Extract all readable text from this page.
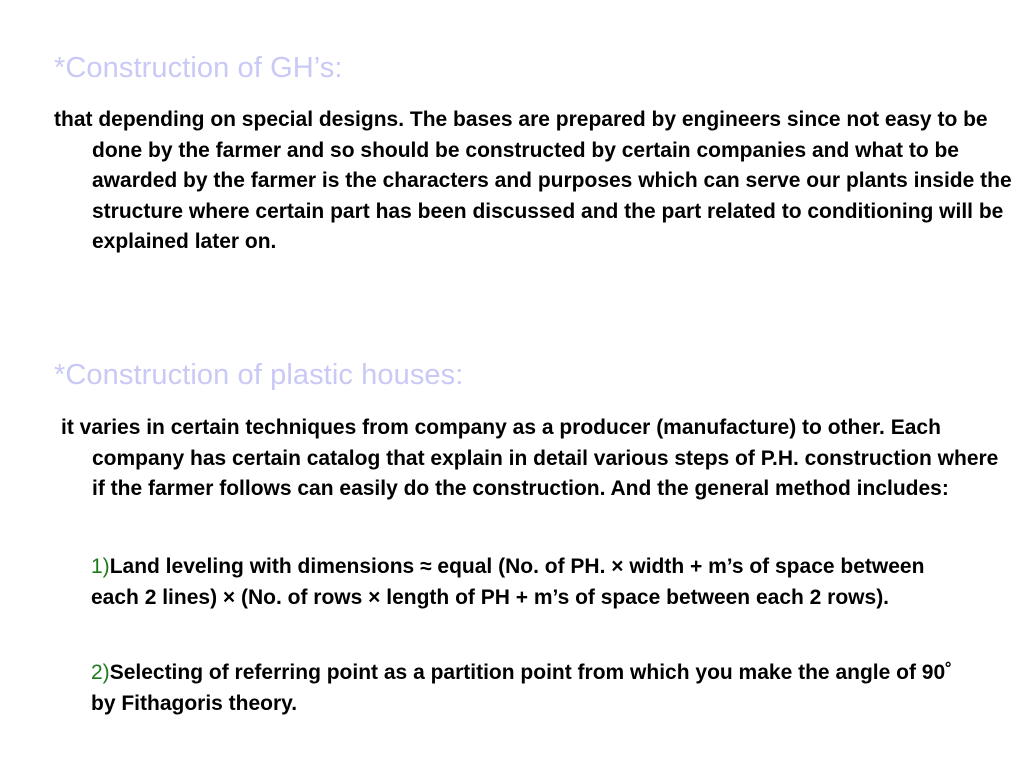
*Construction of GH’s:

that depending on special designs. The bases are prepared by engineers since not easy to be done by the farmer and so should be constructed by certain companies and what to be awarded by the farmer is the characters and purposes which can serve our plants inside the structure where certain part has been discussed and the part related to conditioning will be explained later on.

*Construction of plastic houses:

it varies in certain techniques from company as a producer (manufacture) to other. Each company has certain catalog that explain in detail various steps of P.H. construction where if the farmer follows can easily do the construction. And the general method includes:

1)Land leveling with dimensions ≈ equal (No. of PH. × width + m’s of space between each 2 lines) × (No. of rows × length of PH + m’s of space between each 2 rows).

2)Selecting of referring point as a partition point from which you make the angle of 90˚ by Fithagoris theory.
